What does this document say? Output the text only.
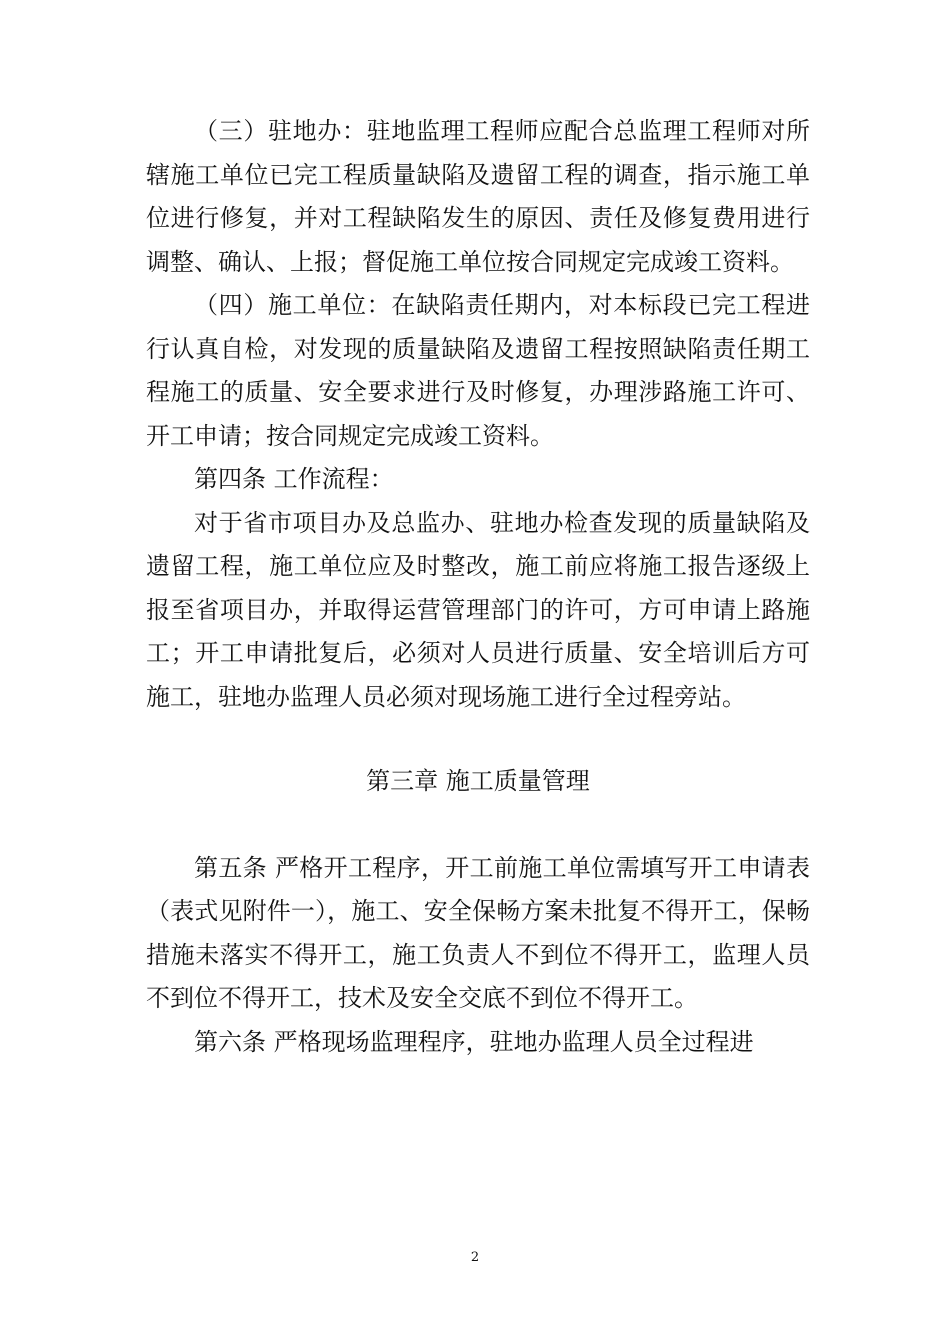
（三）驻地办：驻地监理工程师应配合总监理工程师对所辖施工单位已完工程质量缺陷及遗留工程的调查，指示施工单位进行修复，并对工程缺陷发生的原因、责任及修复费用进行调整、确认、上报；督促施工单位按合同规定完成竣工资料。

（四）施工单位：在缺陷责任期内，对本标段已完工程进行认真自检，对发现的质量缺陷及遗留工程按照缺陷责任期工程施工的质量、安全要求进行及时修复，办理涉路施工许可、开工申请；按合同规定完成竣工资料。

第四条 工作流程：

对于省市项目办及总监办、驻地办检查发现的质量缺陷及遗留工程，施工单位应及时整改，施工前应将施工报告逐级上报至省项目办，并取得运营管理部门的许可，方可申请上路施工；开工申请批复后，必须对人员进行质量、安全培训后方可施工，驻地办监理人员必须对现场施工进行全过程旁站。

第三章 施工质量管理

第五条 严格开工程序，开工前施工单位需填写开工申请表（表式见附件一），施工、安全保畅方案未批复不得开工，保畅措施未落实不得开工，施工负责人不到位不得开工，监理人员不到位不得开工，技术及安全交底不到位不得开工。

第六条 严格现场监理程序，驻地办监理人员全过程进

2
